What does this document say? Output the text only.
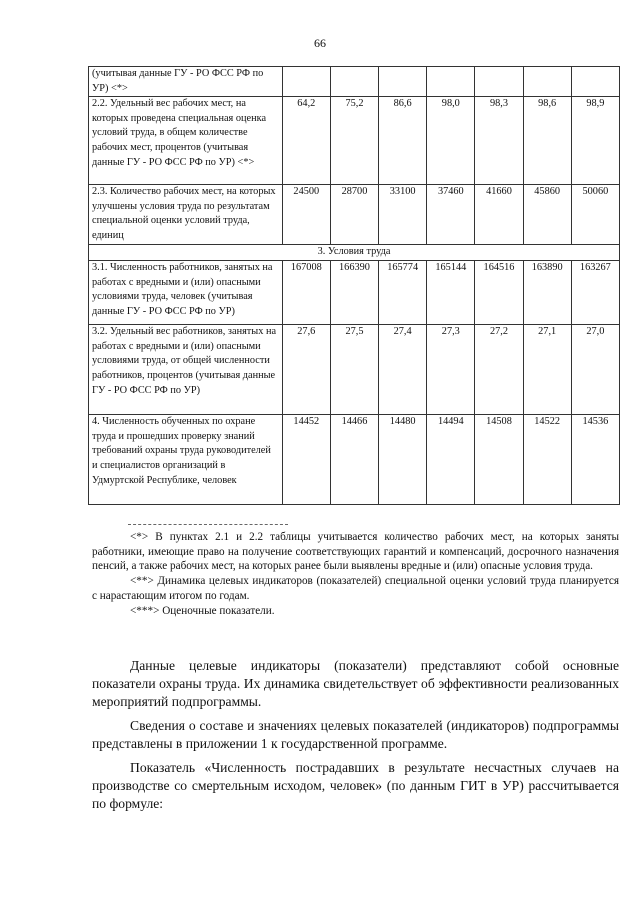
66
(учитывая данные ГУ - РО ФСС РФ по УР) <*>							
2.2. Удельный вес рабочих мест, на которых проведена специальная оценка условий труда, в общем количестве рабочих мест, процентов (учитывая данные ГУ - РО ФСС РФ по УР) <*>	64,2	75,2	86,6	98,0	98,3	98,6	98,9
2.3. Количество рабочих мест, на которых улучшены условия труда по результатам специальной оценки условий труда, единиц	24500	28700	33100	37460	41660	45860	50060
3. Условия труда							
3.1. Численность работников, занятых на работах с вредными и (или) опасными условиями труда, человек (учитывая данные ГУ - РО ФСС РФ по УР)	167008	166390	165774	165144	164516	163890	163267
3.2. Удельный вес работников, занятых на работах с вредными и (или) опасными условиями труда, от общей численности работников, процентов (учитывая данные ГУ - РО ФСС РФ по УР)	27,6	27,5	27,4	27,3	27,2	27,1	27,0
4. Численность обученных по охране труда и прошедших проверку знаний требований охраны труда руководителей и специалистов организаций в Удмуртской Республике, человек	14452	14466	14480	14494	14508	14522	14536

<*> В пунктах 2.1 и 2.2 таблицы учитывается количество рабочих мест, на которых заняты работники, имеющие право на получение соответствующих гарантий и компенсаций, досрочного назначения пенсий, а также рабочих мест, на которых ранее были выявлены вредные и (или) опасные условия труда.

<**> Динамика целевых индикаторов (показателей) специальной оценки условий труда планируется с нарастающим итогом по годам.

<***> Оценочные показатели.

Данные целевые индикаторы (показатели) представляют собой основные показатели охраны труда. Их динамика свидетельствует об эффективности реализованных мероприятий подпрограммы.

Сведения о составе и значениях целевых показателей (индикаторов) подпрограммы представлены в приложении 1 к государственной программе.

Показатель «Численность пострадавших в результате несчастных случаев на производстве со смертельным исходом, человек» (по данным ГИТ в УР) рассчитывается по формуле:
